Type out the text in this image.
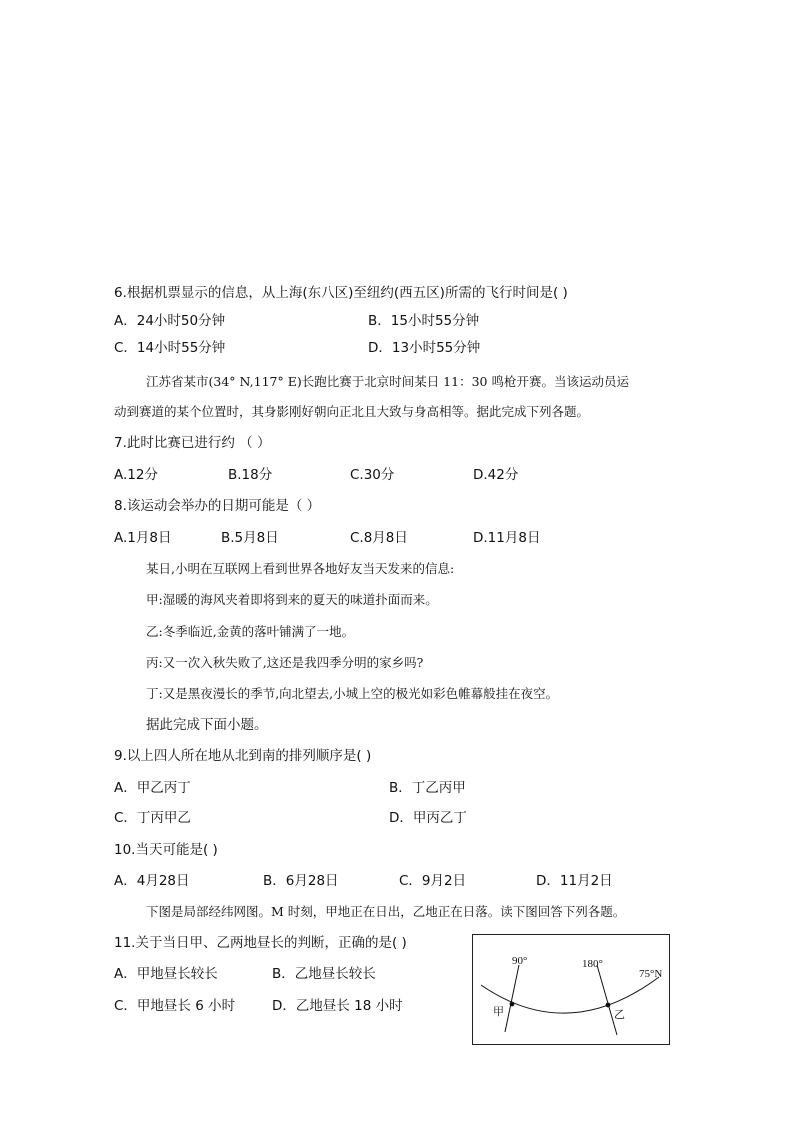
6.根据机票显示的信息，从上海(东八区)至纽约(西五区)所需的飞行时间是( )
A．24小时50分钟	B．15小时55分钟
C．14小时55分钟	D．13小时55分钟
江苏省某市(34° N,117° E)长跑比赛于北京时间某日 11：30 鸣枪开赛。当该运动员运
动到赛道的某个位置时，其身影刚好朝向正北且大致与身高相等。据此完成下列各题。
7.此时比赛已进行约 （ ）
A.12分	B.18分	C.30分	D.42分
8.该运动会举办的日期可能是（ ）
A.1月8日	B.5月8日	C.8月8日	D.11月8日
某日,小明在互联网上看到世界各地好友当天发来的信息:
甲:湿暖的海风夹着即将到来的夏天的味道扑面而来。
乙:冬季临近,金黄的落叶铺满了一地。
丙:又一次入秋失败了,这还是我四季分明的家乡吗?
丁:又是黑夜漫长的季节,向北望去,小城上空的极光如彩色帷幕般挂在夜空。
据此完成下面小题。
9.以上四人所在地从北到南的排列顺序是( )
A．甲乙丙丁	B．丁乙丙甲
C．丁丙甲乙	D．甲丙乙丁
10.当天可能是( )
A．4月28日	B．6月28日	C．9月2日	D．11月2日
下图是局部经纬网图。M 时刻，甲地正在日出，乙地正在日落。读下图回答下列各题。
11.关于当日甲、乙两地昼长的判断，正确的是( )
A．甲地昼长较长	B．乙地昼长较长
C．甲地昼长 6 小时	D．乙地昼长 18 小时
90°	180°
75°N
甲	乙
